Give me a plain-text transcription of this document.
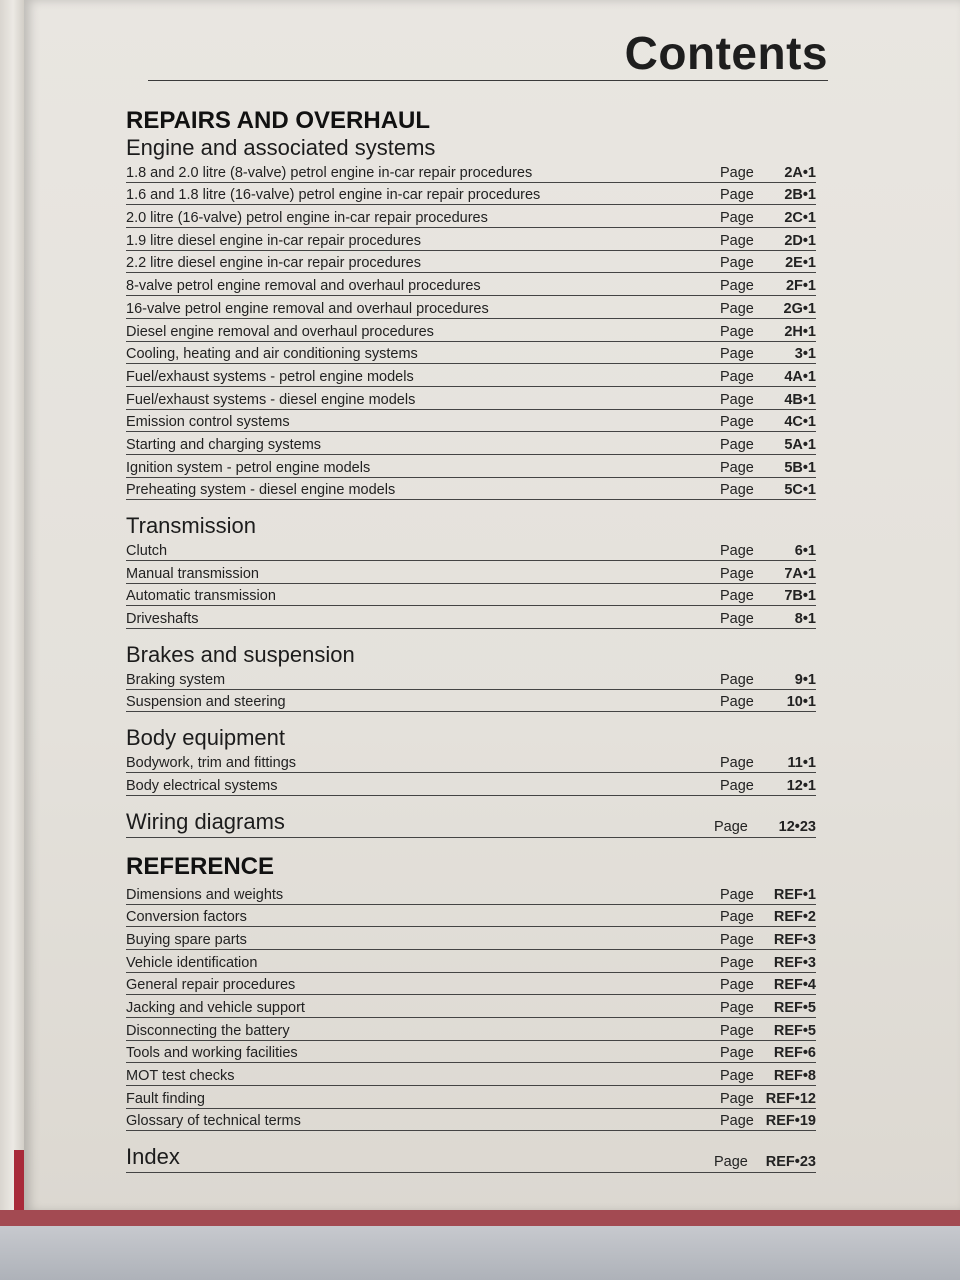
Contents
REPAIRS AND OVERHAUL
Engine and associated systems
1.8 and 2.0 litre (8-valve) petrol engine in-car repair procedures	Page 2A•1
1.6 and 1.8 litre (16-valve) petrol engine in-car repair procedures	Page 2B•1
2.0 litre (16-valve) petrol engine in-car repair procedures	Page 2C•1
1.9 litre diesel engine in-car repair procedures	Page 2D•1
2.2 litre diesel engine in-car repair procedures	Page 2E•1
8-valve petrol engine removal and overhaul procedures	Page 2F•1
16-valve petrol engine removal and overhaul procedures	Page 2G•1
Diesel engine removal and overhaul procedures	Page 2H•1
Cooling, heating and air conditioning systems	Page	3•1
Fuel/exhaust systems - petrol engine models	Page 4A•1
Fuel/exhaust systems - diesel engine models	Page 4B•1
Emission control systems	Page 4C•1
Starting and charging systems	Page 5A•1
Ignition system - petrol engine models	Page 5B•1
Preheating system - diesel engine models	Page 5C•1
Transmission
Clutch	Page	6•1
Manual transmission	Page 7A•1
Automatic transmission	Page 7B•1
Driveshafts	Page	8•1
Brakes and suspension
Braking system	Page	9•1
Suspension and steering	Page 10•1
Body equipment
Bodywork, trim and fittings	Page 11•1
Body electrical systems	Page 12•1
Wiring diagrams	Page 12•23
REFERENCE
Dimensions and weights	Page REF•1
Conversion factors	Page REF•2
Buying spare parts	Page REF•3
Vehicle identification	Page REF•3
General repair procedures	Page REF•4
Jacking and vehicle support	Page REF•5
Disconnecting the battery	Page REF•5
Tools and working facilities	Page REF•6
MOT test checks	Page REF•8
Fault finding	Page REF•12
Glossary of technical terms	Page REF•19
Index	Page REF•23
